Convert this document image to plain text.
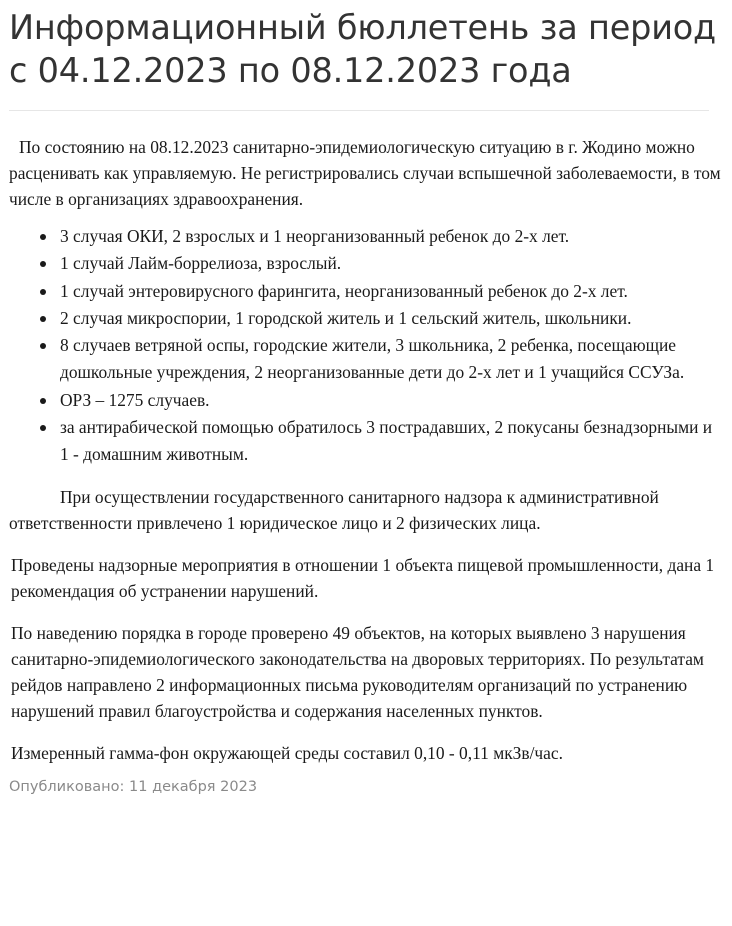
Информационный бюллетень за период с 04.12.2023 по 08.12.2023 года

По состоянию на 08.12.2023 санитарно-эпидемиологическую ситуацию в г. Жодино можно расценивать как управляемую. Не регистрировались случаи вспышечной заболеваемости, в том числе в организациях здравоохранения.

3 случая ОКИ, 2 взрослых и 1 неорганизованный ребенок до 2-х лет.
1 случай Лайм-боррелиоза, взрослый.
1 случай энтеровирусного фарингита, неорганизованный ребенок до 2-х лет.
2 случая микроспории, 1 городской житель и 1 сельский житель, школьники.
8 случаев ветряной оспы, городские жители, 3 школьника, 2 ребенка, посещающие дошкольные учреждения, 2 неорганизованные дети до 2-х лет и 1 учащийся ССУЗа.
ОРЗ – 1275 случаев.
за антирабической помощью обратилось 3 пострадавших, 2 покусаны безнадзорными и 1 - домашним животным.

При осуществлении государственного санитарного надзора к административной ответственности привлечено 1 юридическое лицо и 2 физических лица.

Проведены надзорные мероприятия в отношении 1 объекта пищевой промышленности, дана 1 рекомендация об устранении нарушений.

По наведению порядка в городе проверено 49 объектов, на которых выявлено 3 нарушения санитарно-эпидемиологического законодательства на дворовых территориях. По результатам рейдов направлено 2 информационных письма руководителям организаций по устранению нарушений правил благоустройства и содержания населенных пунктов.

Измеренный гамма-фон окружающей среды составил 0,10 - 0,11 мкЗв/час.

Опубликовано: 11 декабря 2023
